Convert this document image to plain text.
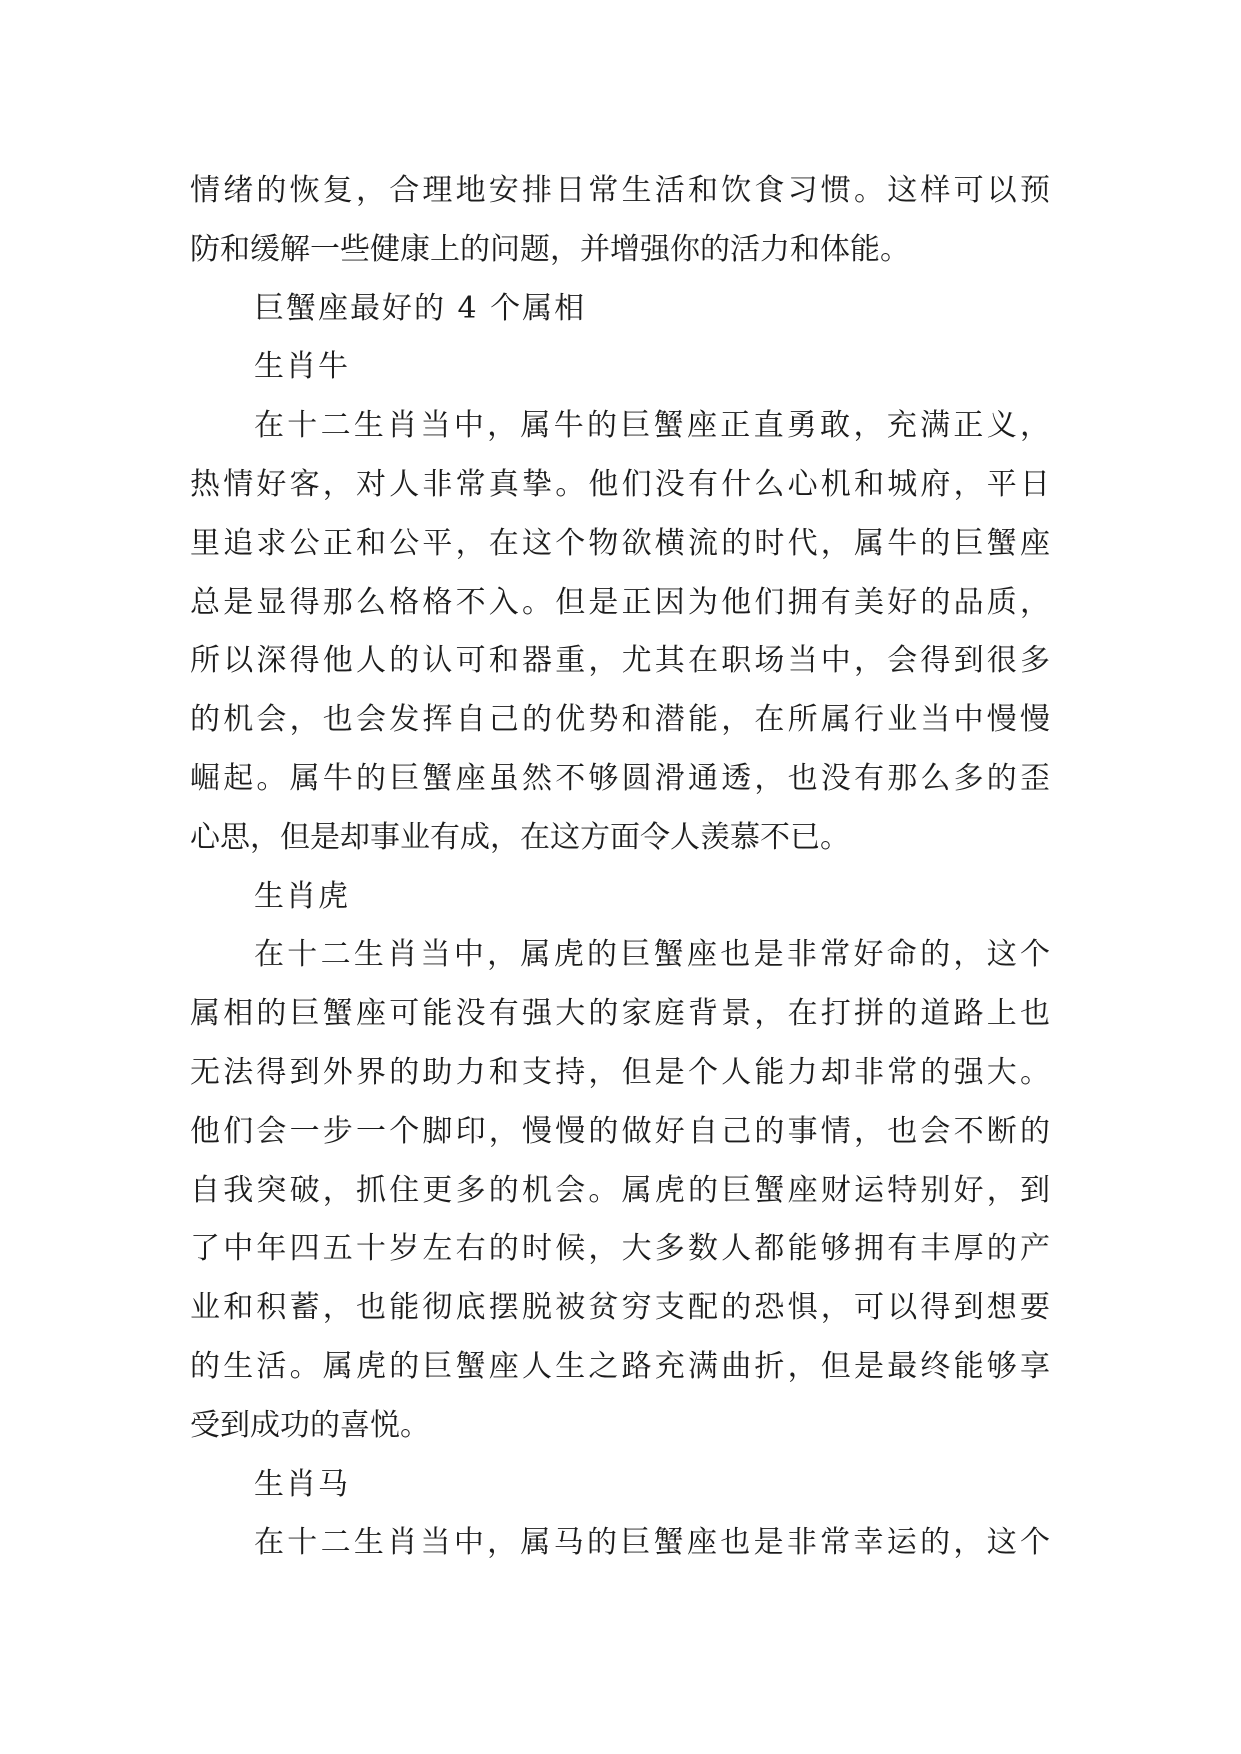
情绪的恢复，合理地安排日常生活和饮食习惯。这样可以预
防和缓解一些健康上的问题，并增强你的活力和体能。
巨蟹座最好的 4 个属相
生肖牛
在十二生肖当中，属牛的巨蟹座正直勇敢，充满正义，
热情好客，对人非常真挚。他们没有什么心机和城府，平日
里追求公正和公平，在这个物欲横流的时代，属牛的巨蟹座
总是显得那么格格不入。但是正因为他们拥有美好的品质，
所以深得他人的认可和器重，尤其在职场当中，会得到很多
的机会，也会发挥自己的优势和潜能，在所属行业当中慢慢
崛起。属牛的巨蟹座虽然不够圆滑通透，也没有那么多的歪
心思，但是却事业有成，在这方面令人羡慕不已。
生肖虎
在十二生肖当中，属虎的巨蟹座也是非常好命的，这个
属相的巨蟹座可能没有强大的家庭背景，在打拼的道路上也
无法得到外界的助力和支持，但是个人能力却非常的强大。
他们会一步一个脚印，慢慢的做好自己的事情，也会不断的
自我突破，抓住更多的机会。属虎的巨蟹座财运特别好，到
了中年四五十岁左右的时候，大多数人都能够拥有丰厚的产
业和积蓄，也能彻底摆脱被贫穷支配的恐惧，可以得到想要
的生活。属虎的巨蟹座人生之路充满曲折，但是最终能够享
受到成功的喜悦。
生肖马
在十二生肖当中，属马的巨蟹座也是非常幸运的，这个
